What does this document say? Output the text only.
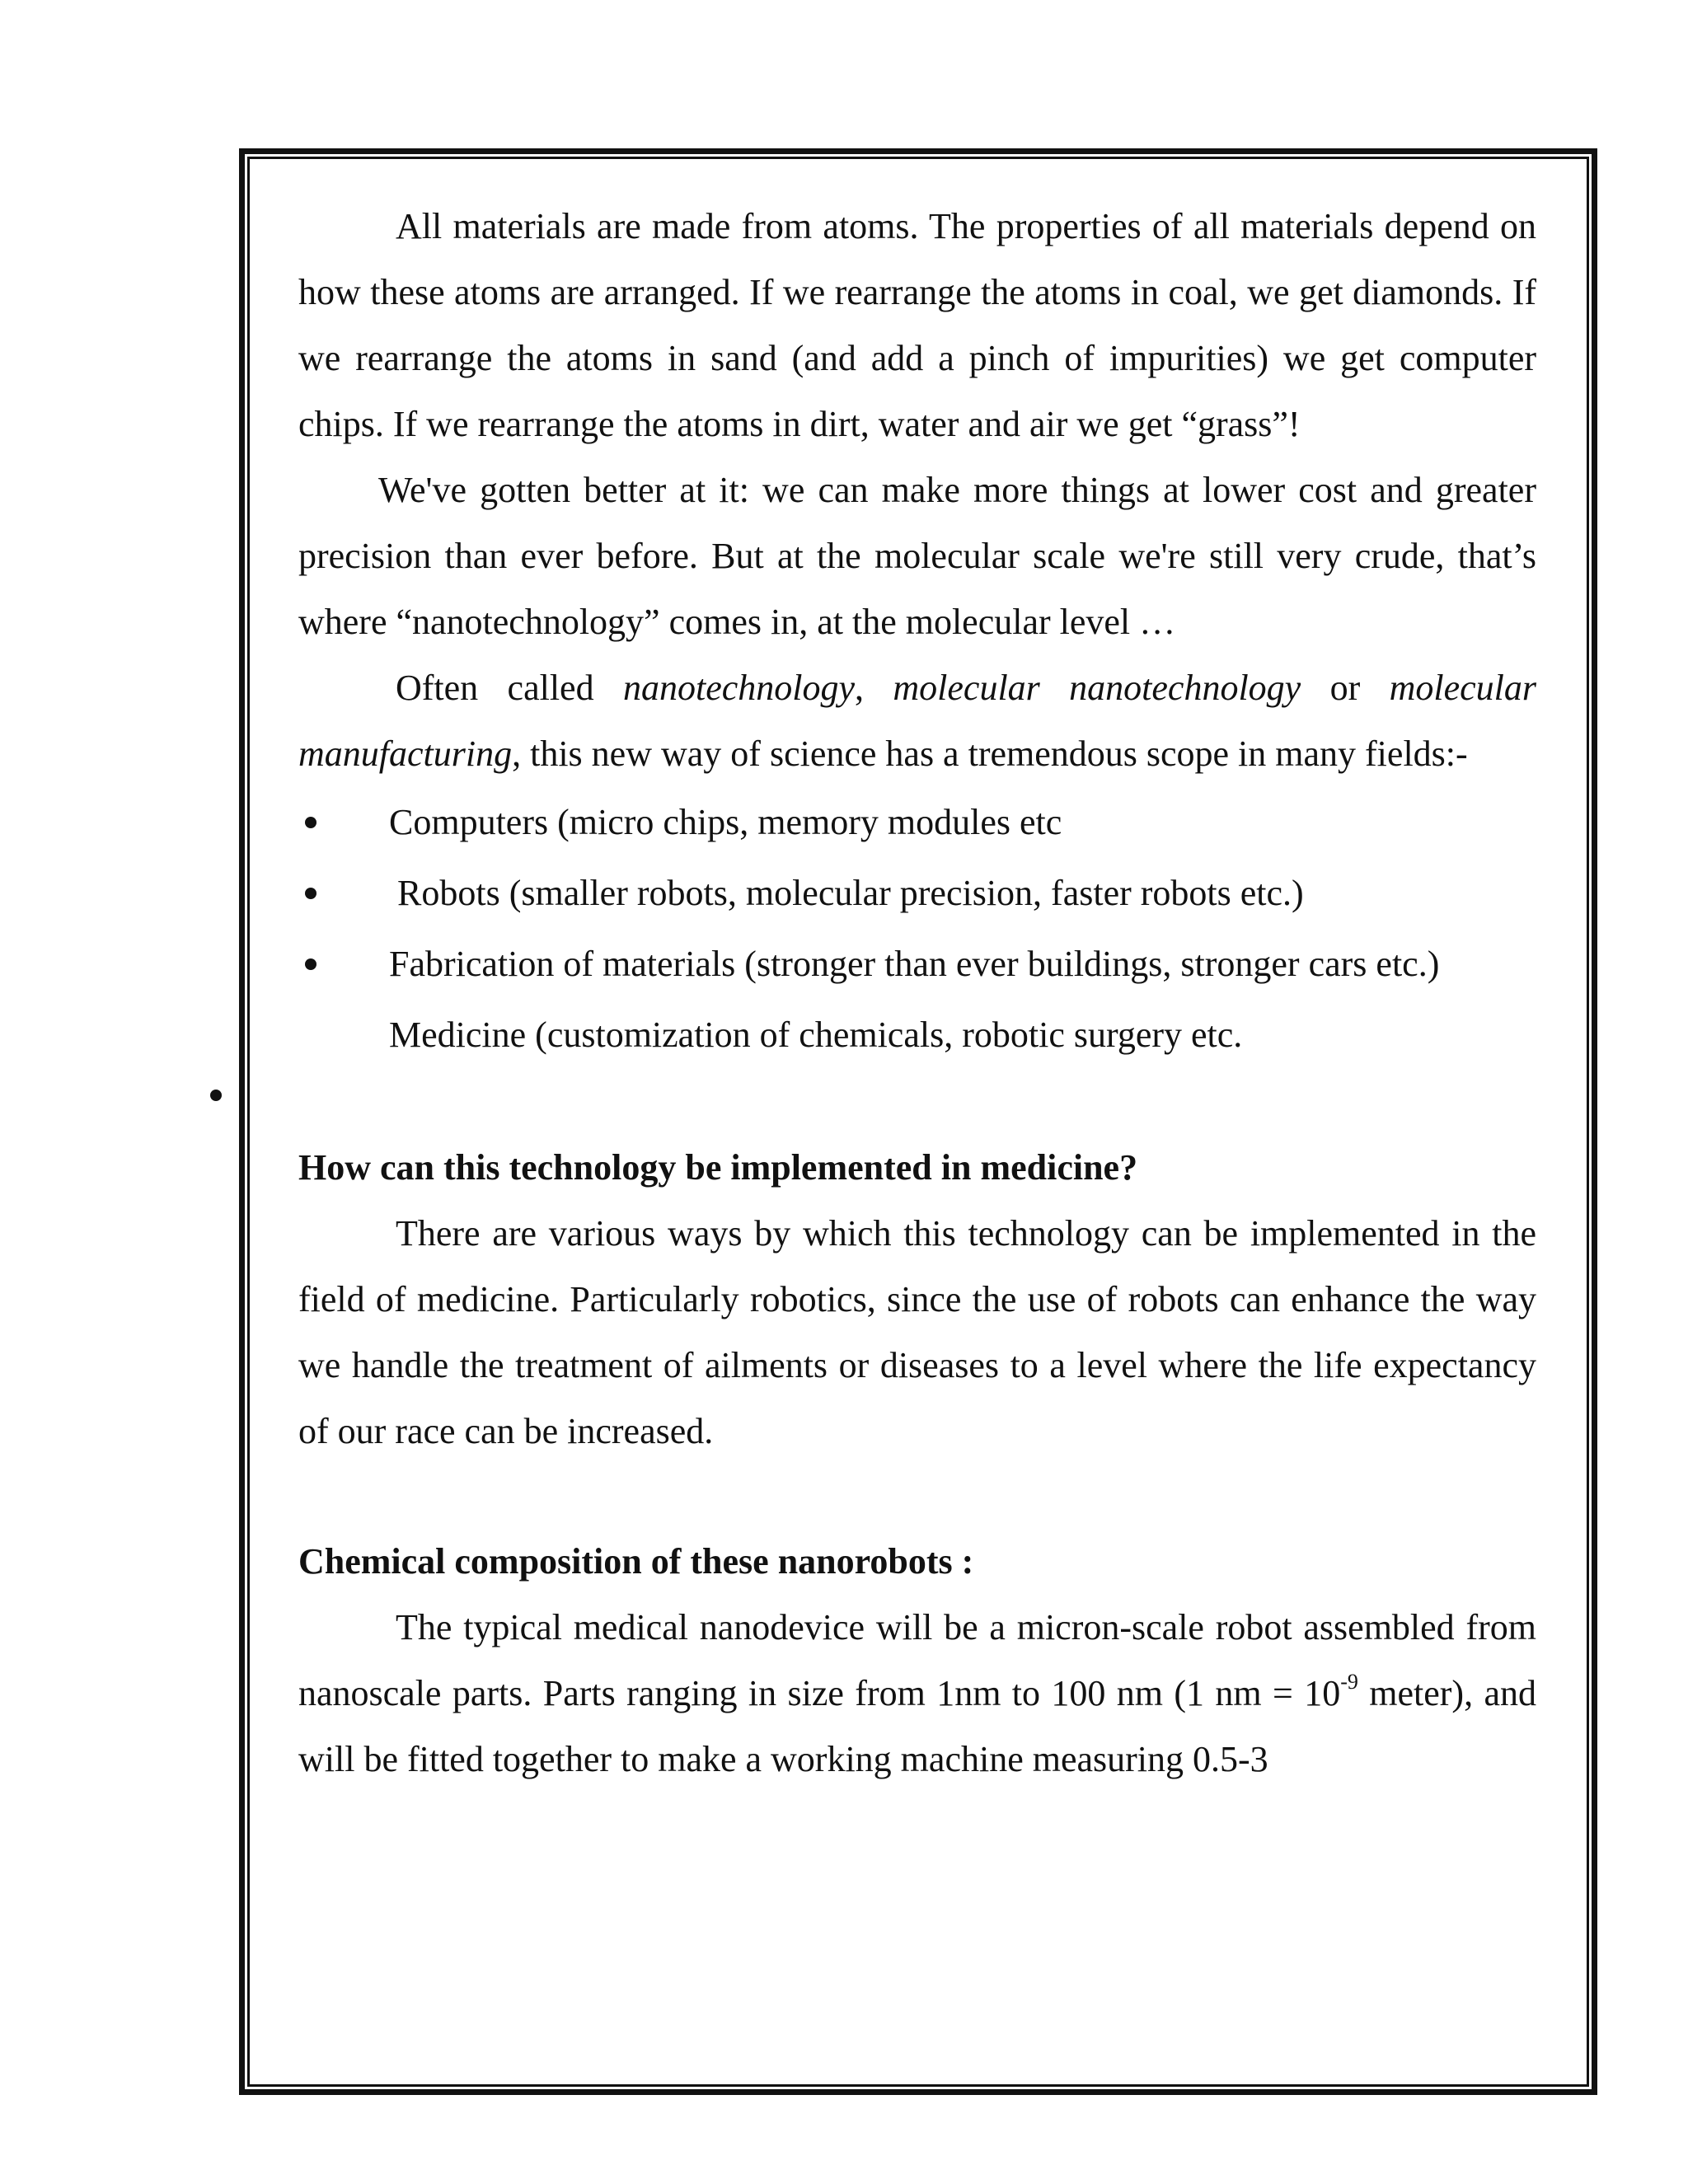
All materials are made from atoms. The properties of all materials depend on how these atoms are arranged. If we rearrange the atoms in coal, we get diamonds. If we rearrange the atoms in sand (and add a pinch of impurities) we get computer chips. If we rearrange the atoms in dirt, water and air we get “grass”!

We've gotten better at it: we can make more things at lower cost and greater precision than ever before. But at the molecular scale we're still very crude, that’s where “nanotechnology” comes in, at the molecular level …

Often called nanotechnology, molecular nanotechnology or molecular manufacturing, this new way of science has a tremendous scope in many fields:-

Computers (micro chips, memory modules etc
Robots (smaller robots, molecular precision, faster robots etc.)
Fabrication of materials (stronger than ever buildings, stronger cars etc.)
Medicine (customization of chemicals, robotic surgery etc.

How can this technology be implemented in medicine?

There are various ways by which this technology can be implemented in the field of medicine. Particularly robotics, since the use of robots can enhance the way we handle the treatment of ailments or diseases to a level where the life expectancy of our race can be increased.

Chemical composition of these nanorobots :

The typical medical nanodevice will be a micron-scale robot assembled from nanoscale parts. Parts ranging in size from 1nm to 100 nm (1 nm = $10^{-9}$ meter), and will be fitted together to make a working machine measuring 0.5-3
